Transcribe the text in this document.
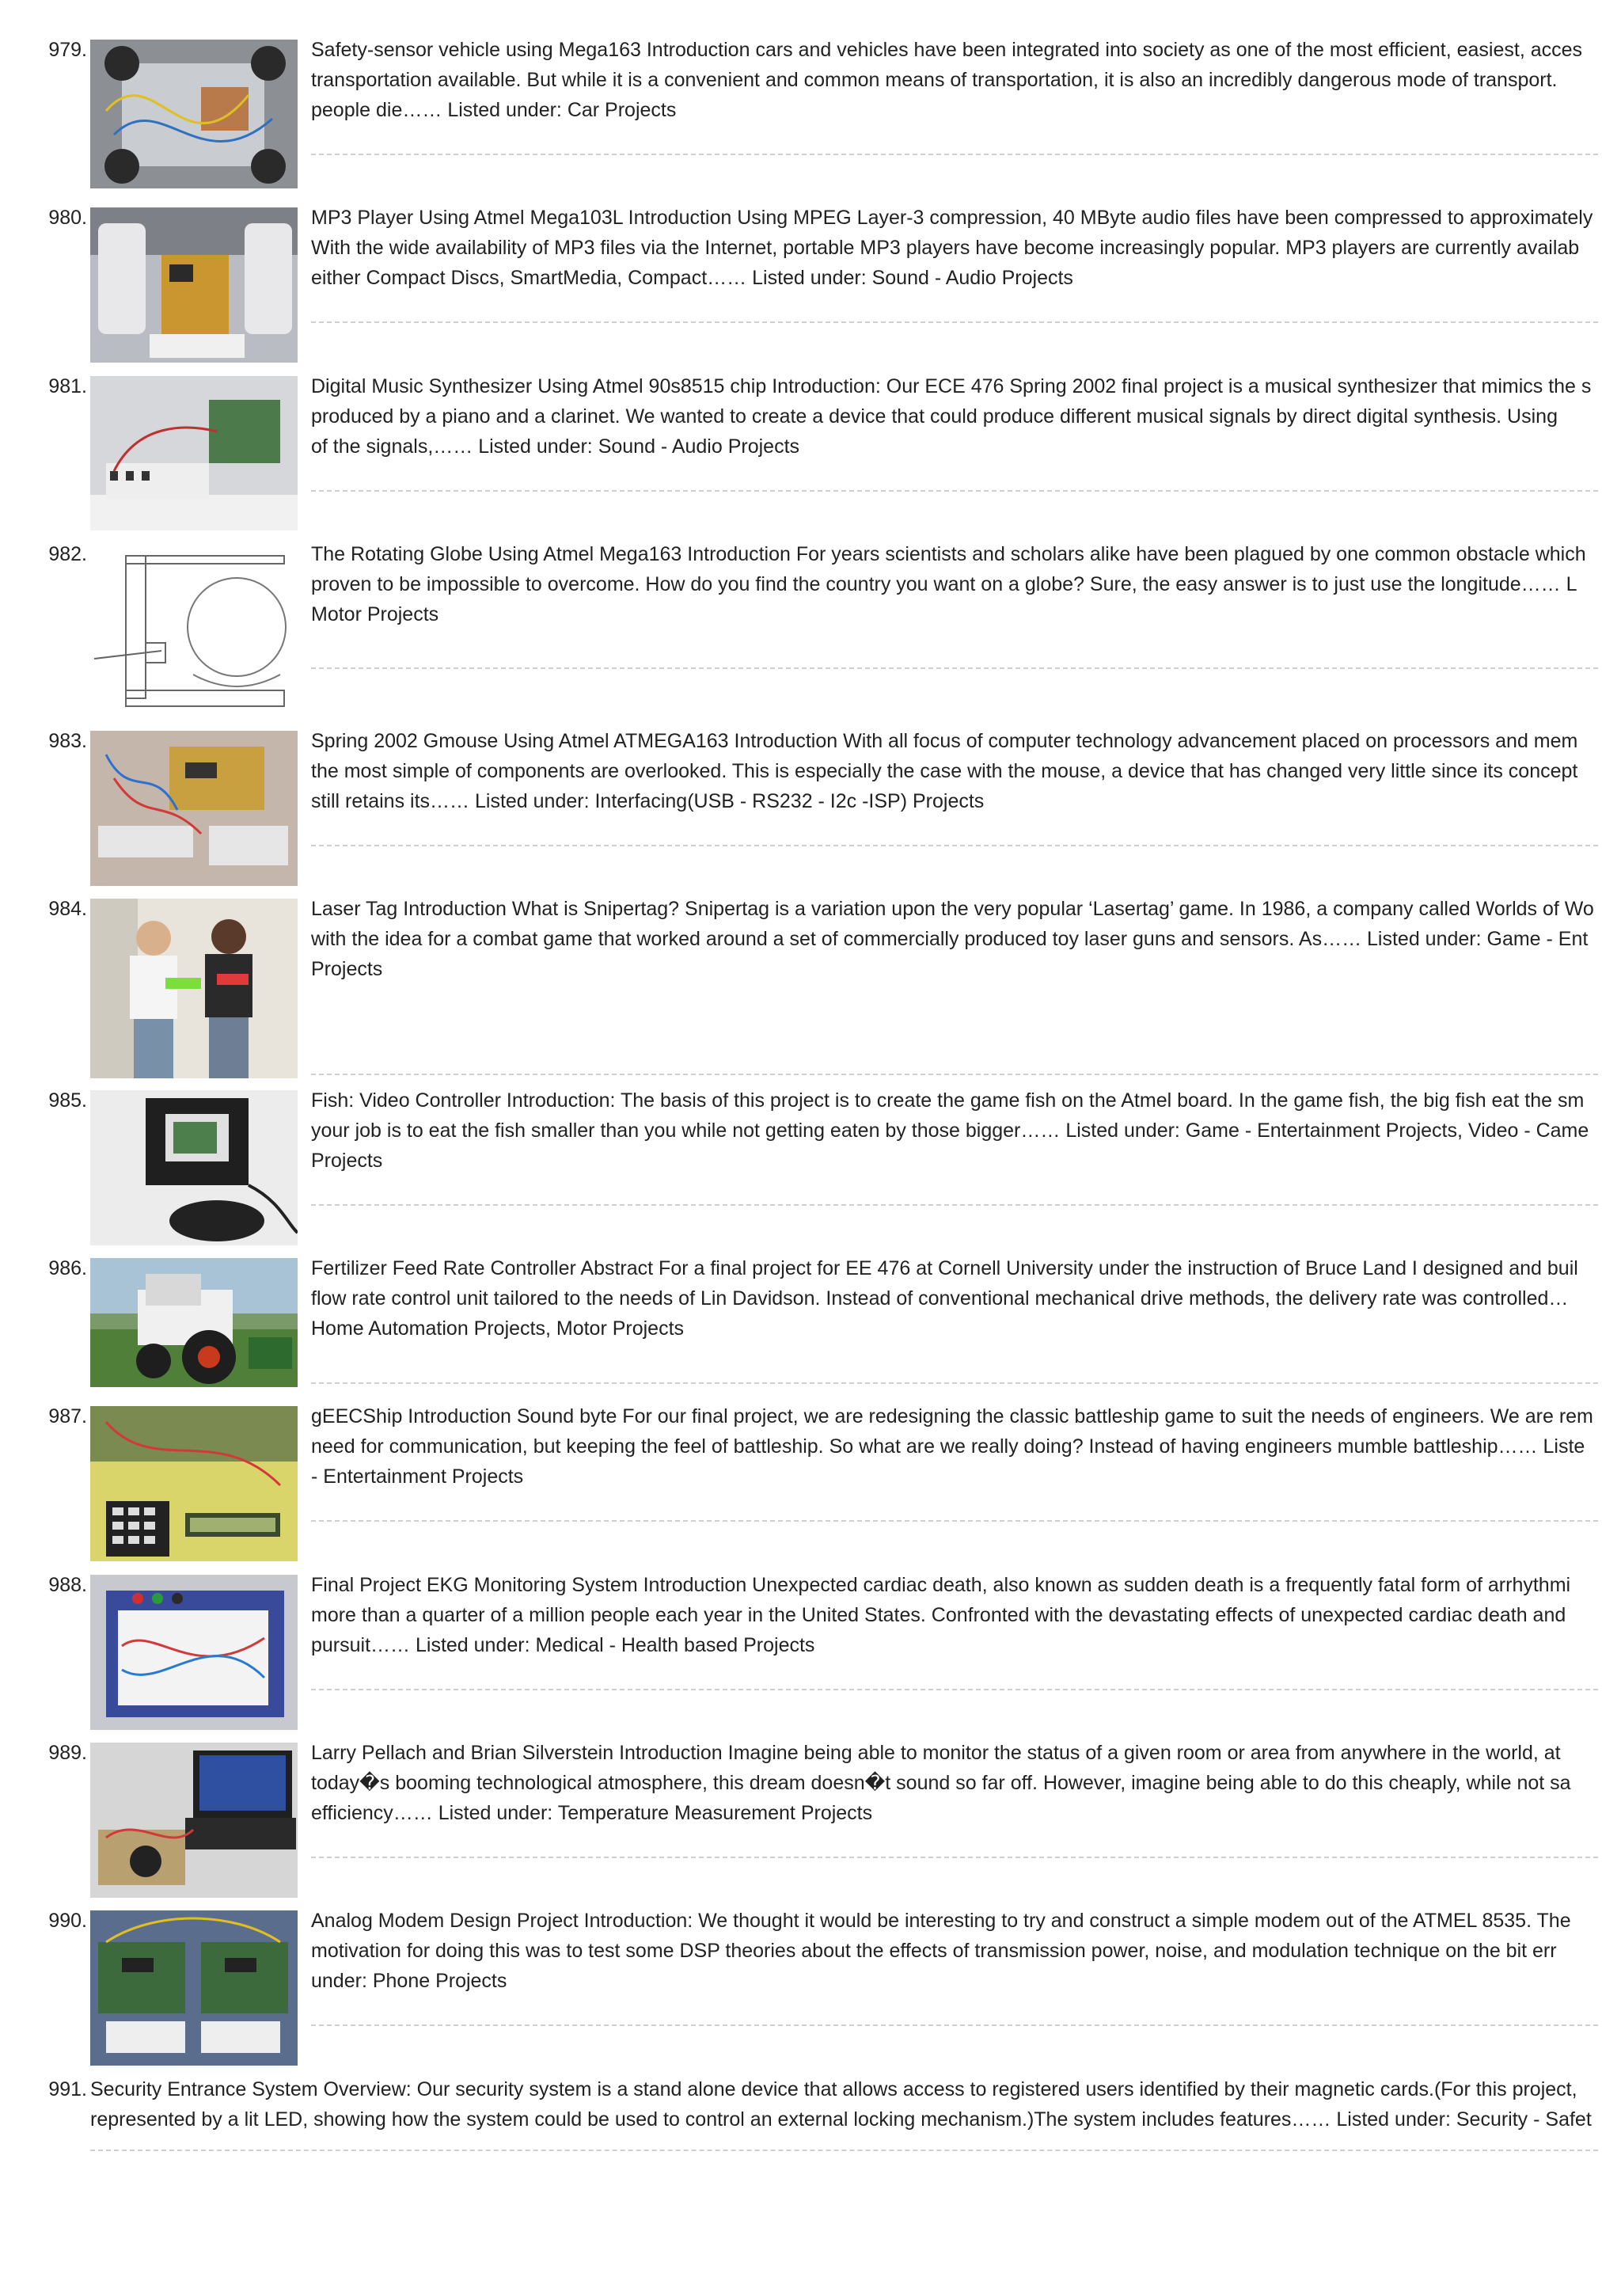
979.	Safety-sensor vehicle using Mega163 Introduction cars and vehicles have been integrated into society as one of the most efficient, easiest, acces
transportation available. But while it is a convenient and common means of transportation, it is also an incredibly dangerous mode of transport.
people die…… Listed under: Car Projects
980.	MP3 Player Using Atmel Mega103L Introduction Using MPEG Layer-3 compression, 40 MByte audio files have been compressed to approximately
With the wide availability of MP3 files via the Internet, portable MP3 players have become increasingly popular. MP3 players are currently availab
either Compact Discs, SmartMedia, Compact…… Listed under: Sound - Audio Projects
981.	Digital Music Synthesizer Using Atmel 90s8515 chip Introduction: Our ECE 476 Spring 2002 final project is a musical synthesizer that mimics the s
produced by a piano and a clarinet. We wanted to create a device that could produce different musical signals by direct digital synthesis. Using
of the signals,…… Listed under: Sound - Audio Projects
982.	The Rotating Globe Using Atmel Mega163 Introduction For years scientists and scholars alike have been plagued by one common obstacle which
proven to be impossible to overcome. How do you find the country you want on a globe? Sure, the easy answer is to just use the longitude…… L
Motor Projects
983.	Spring 2002 Gmouse Using Atmel ATMEGA163 Introduction With all focus of computer technology advancement placed on processors and mem
the most simple of components are overlooked. This is especially the case with the mouse, a device that has changed very little since its concept
still retains its…… Listed under: Interfacing(USB - RS232 - I2c -ISP) Projects
984.	Laser Tag Introduction What is Snipertag? Snipertag is a variation upon the very popular ‘Lasertag’ game. In 1986, a company called Worlds of Wo
with the idea for a combat game that worked around a set of commercially produced toy laser guns and sensors. As…… Listed under: Game - Ent
Projects
985.	Fish: Video Controller Introduction: The basis of this project is to create the game fish on the Atmel board. In the game fish, the big fish eat the sm
your job is to eat the fish smaller than you while not getting eaten by those bigger…… Listed under: Game - Entertainment Projects, Video - Came
Projects
986.	Fertilizer Feed Rate Controller Abstract For a final project for EE 476 at Cornell University under the instruction of Bruce Land I designed and buil
flow rate control unit tailored to the needs of Lin Davidson. Instead of conventional mechanical drive methods, the delivery rate was controlled…
Home Automation Projects, Motor Projects
987.	gEECShip Introduction Sound byte For our final project, we are redesigning the classic battleship game to suit the needs of engineers. We are rem
need for communication, but keeping the feel of battleship. So what are we really doing? Instead of having engineers mumble battleship…… Liste
- Entertainment Projects
988.	Final Project EKG Monitoring System Introduction Unexpected cardiac death, also known as sudden death is a frequently fatal form of arrhythmi
more than a quarter of a million people each year in the United States. Confronted with the devastating effects of unexpected cardiac death and
pursuit…… Listed under: Medical - Health based Projects
989.	Larry Pellach and Brian Silverstein Introduction Imagine being able to monitor the status of a given room or area from anywhere in the world, at
today�s booming technological atmosphere, this dream doesn�t sound so far off. However, imagine being able to do this cheaply, while not sa
efficiency…… Listed under: Temperature Measurement Projects
990.	Analog Modem Design Project Introduction: We thought it would be interesting to try and construct a simple modem out of the ATMEL 8535. The
motivation for doing this was to test some DSP theories about the effects of transmission power, noise, and modulation technique on the bit err
under: Phone Projects
991. Security Entrance System Overview: Our security system is a stand alone device that allows access to registered users identified by their magnetic cards.(For this project,
represented by a lit LED, showing how the system could be used to control an external locking mechanism.)The system includes features…… Listed under: Security - Safet
